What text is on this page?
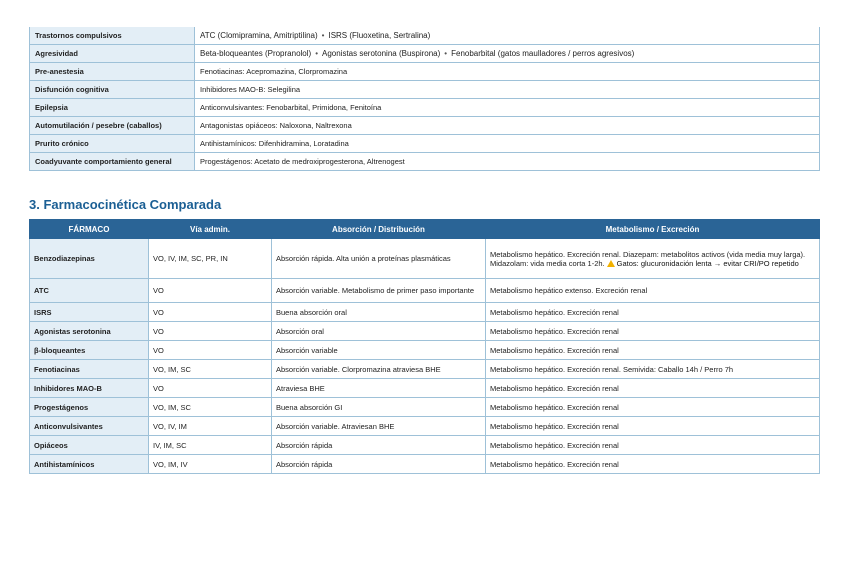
Trastornos compulsivos	ATC (Clomipramina, Amitriptilina) • ISRS (Fluoxetina, Sertralina)
Agresividad	Beta-bloqueantes (Propranolol) • Agonistas serotonina (Buspirona) • Fenobarbital (gatos maulladores / perros agresivos)
Pre-anestesia	Fenotiacinas: Acepromazina, Clorpromazina
Disfunción cognitiva	Inhibidores MAO-B: Selegilina
Epilepsia	Anticonvulsivantes: Fenobarbital, Primidona, Fenitoína
Automutilación / pesebre (caballos)	Antagonistas opiáceos: Naloxona, Naltrexona
Prurito crónico	Antihistamínicos: Difenhidramina, Loratadina
Coadyuvante comportamiento general	Progestágenos: Acetato de medroxiprogesterona, Altrenogest
3. Farmacocinética Comparada
FÁRMACO	Vía admin.	Absorción / Distribución	Metabolismo / Excreción
Benzodiazepinas	VO, IV, IM, SC, PR, IN	Absorción rápida. Alta unión a proteínas plasmáticas	Metabolismo hepático. Excreción renal. Diazepam: metabolitos activos (vida media muy larga). Midazolam: vida media corta 1-2h. Gatos: glucuronidación lenta → evitar CRI/PO repetido
ATC	VO	Absorción variable. Metabolismo de primer paso importante	Metabolismo hepático extenso. Excreción renal
ISRS	VO	Buena absorción oral	Metabolismo hepático. Excreción renal
Agonistas serotonina	VO	Absorción oral	Metabolismo hepático. Excreción renal
β-bloqueantes	VO	Absorción variable	Metabolismo hepático. Excreción renal
Fenotiacinas	VO, IM, SC	Absorción variable. Clorpromazina atraviesa BHE	Metabolismo hepático. Excreción renal. Semivida: Caballo 14h / Perro 7h
Inhibidores MAO-B	VO	Atraviesa BHE	Metabolismo hepático. Excreción renal
Progestágenos	VO, IM, SC	Buena absorción GI	Metabolismo hepático. Excreción renal
Anticonvulsivantes	VO, IV, IM	Absorción variable. Atraviesan BHE	Metabolismo hepático. Excreción renal
Opiáceos	IV, IM, SC	Absorción rápida	Metabolismo hepático. Excreción renal
Antihistamínicos	VO, IM, IV	Absorción rápida	Metabolismo hepático. Excreción renal
